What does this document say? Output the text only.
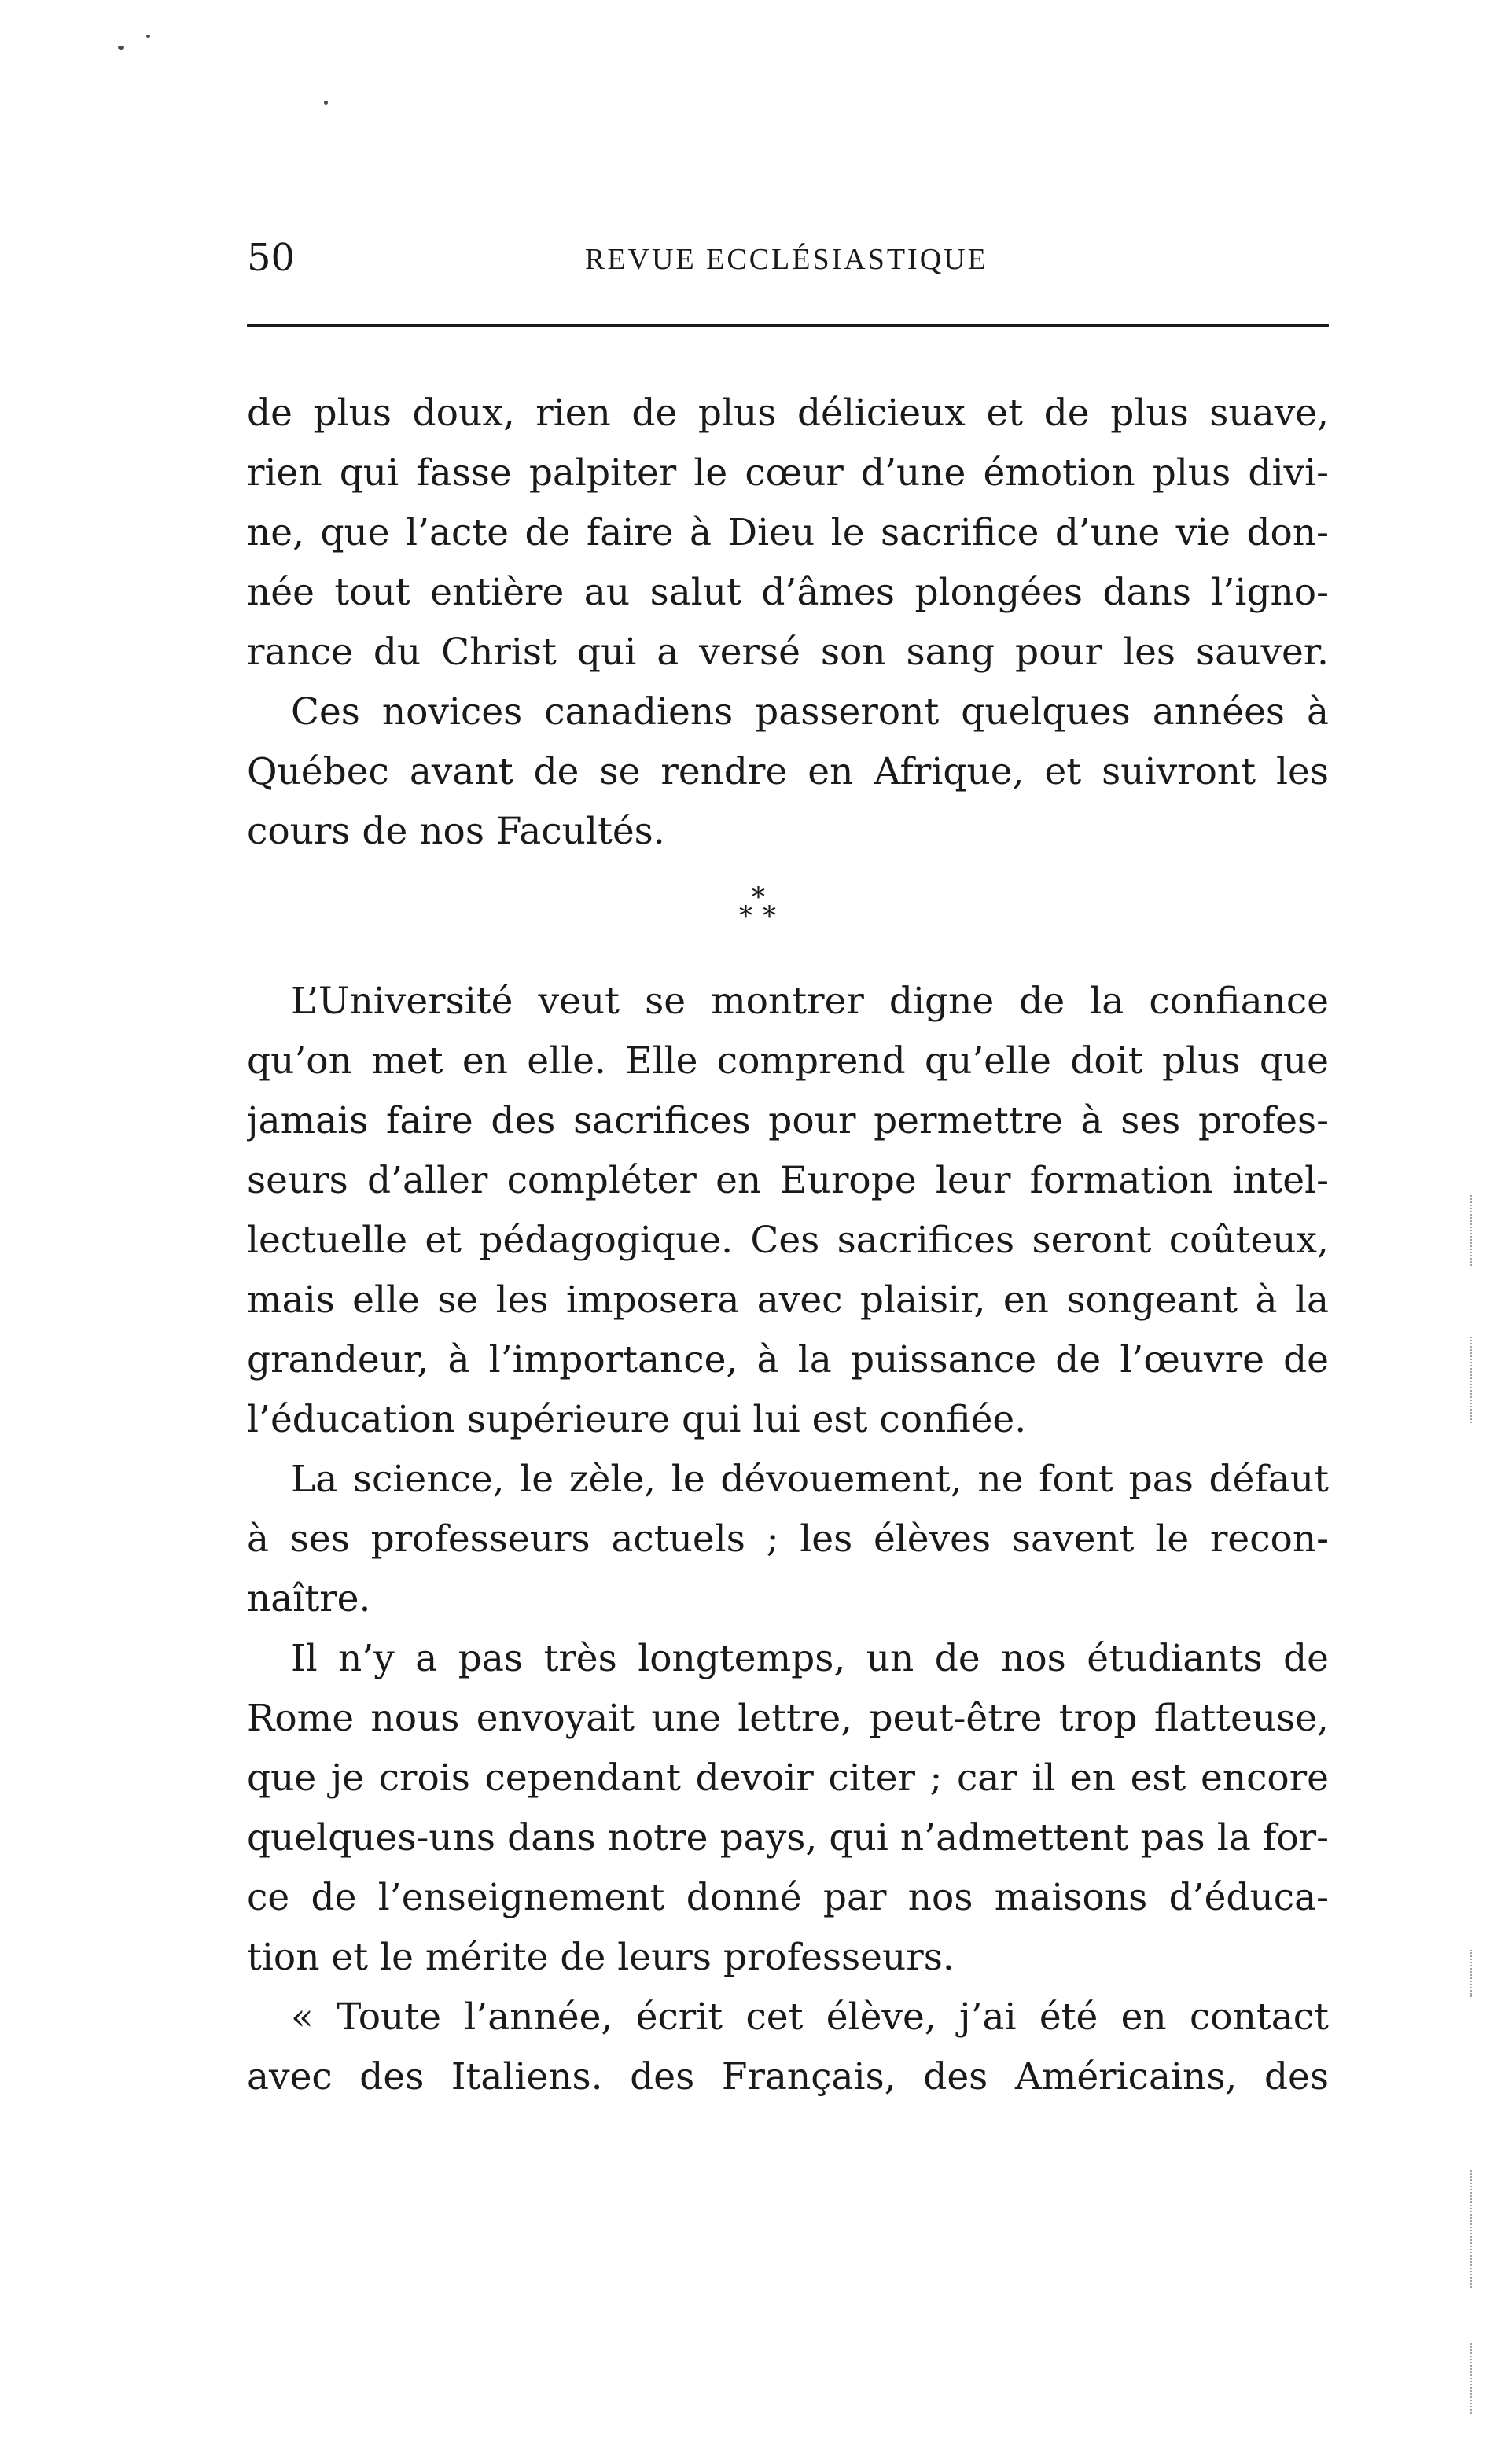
50	REVUE ECCLÉSIASTIQUE
de plus doux, rien de plus délicieux et de plus suave,
rien qui fasse palpiter le cœur d’une émotion plus divi-
ne, que l’acte de faire à Dieu le sacrifice d’une vie don-
née tout entière au salut d’âmes plongées dans l’igno-
rance du Christ qui a versé son sang pour les sauver.
Ces novices canadiens passeront quelques années à
Québec avant de se rendre en Afrique, et suivront les
cours de nos Facultés.
*
* *
L’Université veut se montrer digne de la confiance
qu’on met en elle. Elle comprend qu’elle doit plus que
jamais faire des sacrifices pour permettre à ses profes-
seurs d’aller compléter en Europe leur formation intel-
lectuelle et pédagogique. Ces sacrifices seront coûteux,
mais elle se les imposera avec plaisir, en songeant à la
grandeur, à l’importance, à la puissance de l’œuvre de
l’éducation supérieure qui lui est confiée.
La science, le zèle, le dévouement, ne font pas défaut
à ses professeurs actuels ; les élèves savent le recon-
naître.
Il n’y a pas très longtemps, un de nos étudiants de
Rome nous envoyait une lettre, peut-être trop flatteuse,
que je crois cependant devoir citer ; car il en est encore
quelques-uns dans notre pays, qui n’admettent pas la for-
ce de l’enseignement donné par nos maisons d’éduca-
tion et le mérite de leurs professeurs.
« Toute l’année, écrit cet élève, j’ai été en contact
avec des Italiens. des Français, des Américains, des
